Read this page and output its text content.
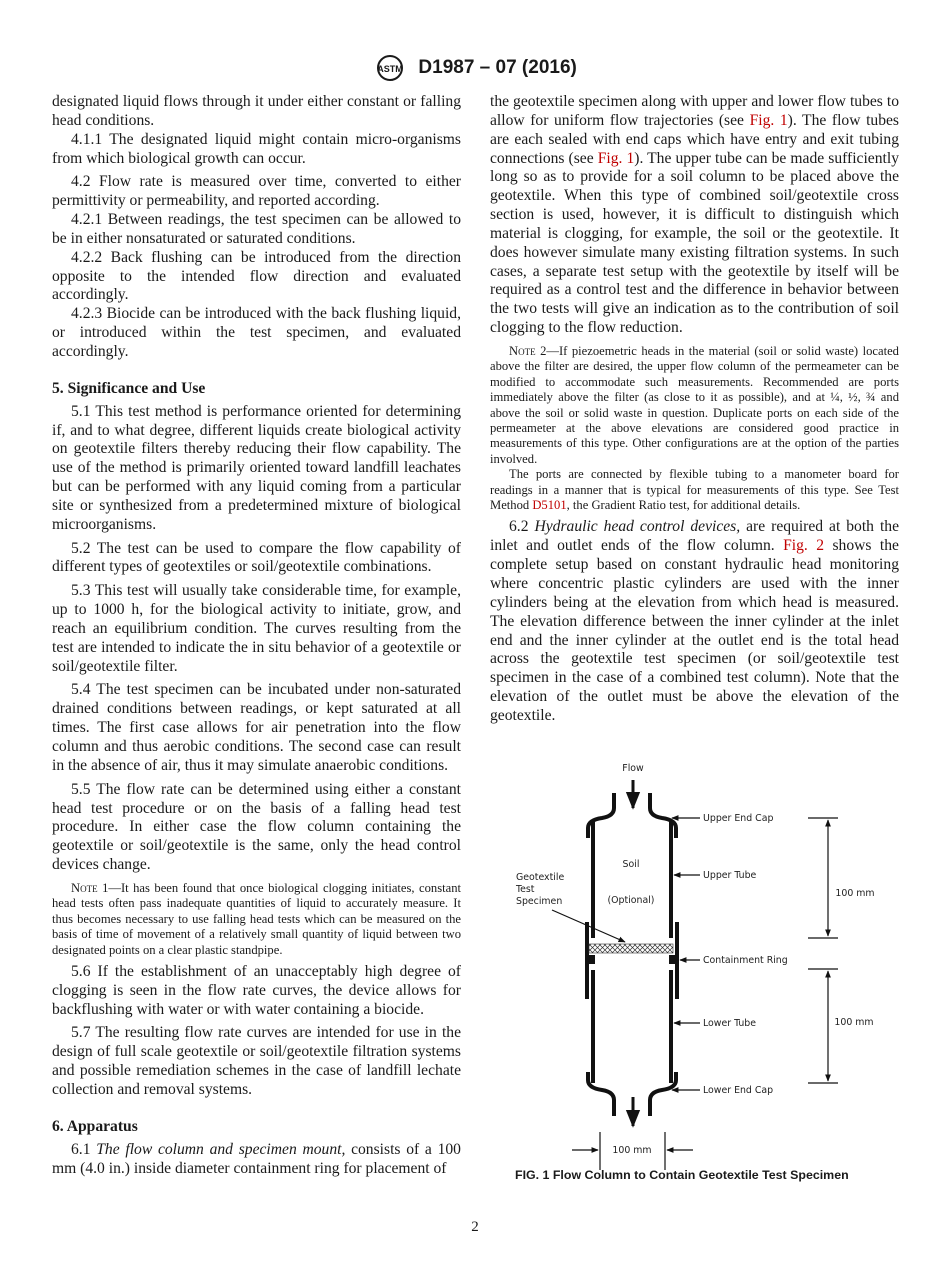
ASTM D1987 – 07 (2016)

designated liquid flows through it under either constant or falling head conditions.

4.1.1 The designated liquid might contain micro-organisms from which biological growth can occur.

4.2 Flow rate is measured over time, converted to either permittivity or permeability, and reported according.

4.2.1 Between readings, the test specimen can be allowed to be in either nonsaturated or saturated conditions.

4.2.2 Back flushing can be introduced from the direction opposite to the intended flow direction and evaluated accordingly.

4.2.3 Biocide can be introduced with the back flushing liquid, or introduced within the test specimen, and evaluated accordingly.

5. Significance and Use

5.1 This test method is performance oriented for determining if, and to what degree, different liquids create biological activity on geotextile filters thereby reducing their flow capability. The use of the method is primarily oriented toward landfill leachates but can be performed with any liquid coming from a particular site or synthesized from a predetermined mixture of biological microorganisms.

5.2 The test can be used to compare the flow capability of different types of geotextiles or soil/geotextile combinations.

5.3 This test will usually take considerable time, for example, up to 1000 h, for the biological activity to initiate, grow, and reach an equilibrium condition. The curves resulting from the test are intended to indicate the in situ behavior of a geotextile or soil/geotextile filter.

5.4 The test specimen can be incubated under non-saturated drained conditions between readings, or kept saturated at all times. The first case allows for air penetration into the flow column and thus aerobic conditions. The second case can result in the absence of air, thus it may simulate anaerobic conditions.

5.5 The flow rate can be determined using either a constant head test procedure or on the basis of a falling head test procedure. In either case the flow column containing the geotextile or soil/geotextile is the same, only the head control devices change.

Note 1—It has been found that once biological clogging initiates, constant head tests often pass inadequate quantities of liquid to accurately measure. It thus becomes necessary to use falling head tests which can be measured on the basis of time of movement of a relatively small quantity of liquid between two designated points on a clear plastic standpipe.

5.6 If the establishment of an unacceptably high degree of clogging is seen in the flow rate curves, the device allows for backflushing with water or with water containing a biocide.

5.7 The resulting flow rate curves are intended for use in the design of full scale geotextile or soil/geotextile filtration systems and possible remediation schemes in the case of landfill lechate collection and removal systems.

6. Apparatus

6.1 The flow column and specimen mount, consists of a 100 mm (4.0 in.) inside diameter containment ring for placement of

the geotextile specimen along with upper and lower flow tubes to allow for uniform flow trajectories (see Fig. 1). The flow tubes are each sealed with end caps which have entry and exit tubing connections (see Fig. 1). The upper tube can be made sufficiently long so as to provide for a soil column to be placed above the geotextile. When this type of combined soil/geotextile cross section is used, however, it is difficult to distinguish which material is clogging, for example, the soil or the geotextile. It does however simulate many existing filtration systems. In such cases, a separate test setup with the geotextile by itself will be required as a control test and the difference in behavior between the two tests will give an indication as to the contribution of soil clogging to the flow reduction.

Note 2—If piezoemetric heads in the material (soil or solid waste) located above the filter are desired, the upper flow column of the permeameter can be modified to accommodate such measurements. Recommended are ports immediately above the filter (as close to it as possible), and at ¼, ½, ¾ and above the soil or solid waste in question. Duplicate ports on each side of the permeameter at the above elevations are considered good practice in measurements of this type. Other configurations are at the option of the parties involved.

The ports are connected by flexible tubing to a manometer board for readings in a manner that is typical for measurements of this type. See Test Method D5101, the Gradient Ratio test, for additional details.

6.2 Hydraulic head control devices, are required at both the inlet and outlet ends of the flow column. Fig. 2 shows the complete setup based on constant hydraulic head monitoring where concentric plastic cylinders are used with the inner cylinders being at the elevation from which head is measured. The elevation difference between the inner cylinder at the inlet end and the inner cylinder at the outlet end is the total head across the geotextile test specimen (or soil/geotextile test specimen in the case of a combined test column). Note that the elevation of the outlet must be above the elevation of the geotextile.

Flow
Upper End Cap
Soil
(Optional)
Upper Tube
Geotextile
Test
Specimen
Containment Ring
Lower Tube
Lower End Cap
100 mm
100 mm
100 mm
FIG. 1 Flow Column to Contain Geotextile Test Specimen
2
